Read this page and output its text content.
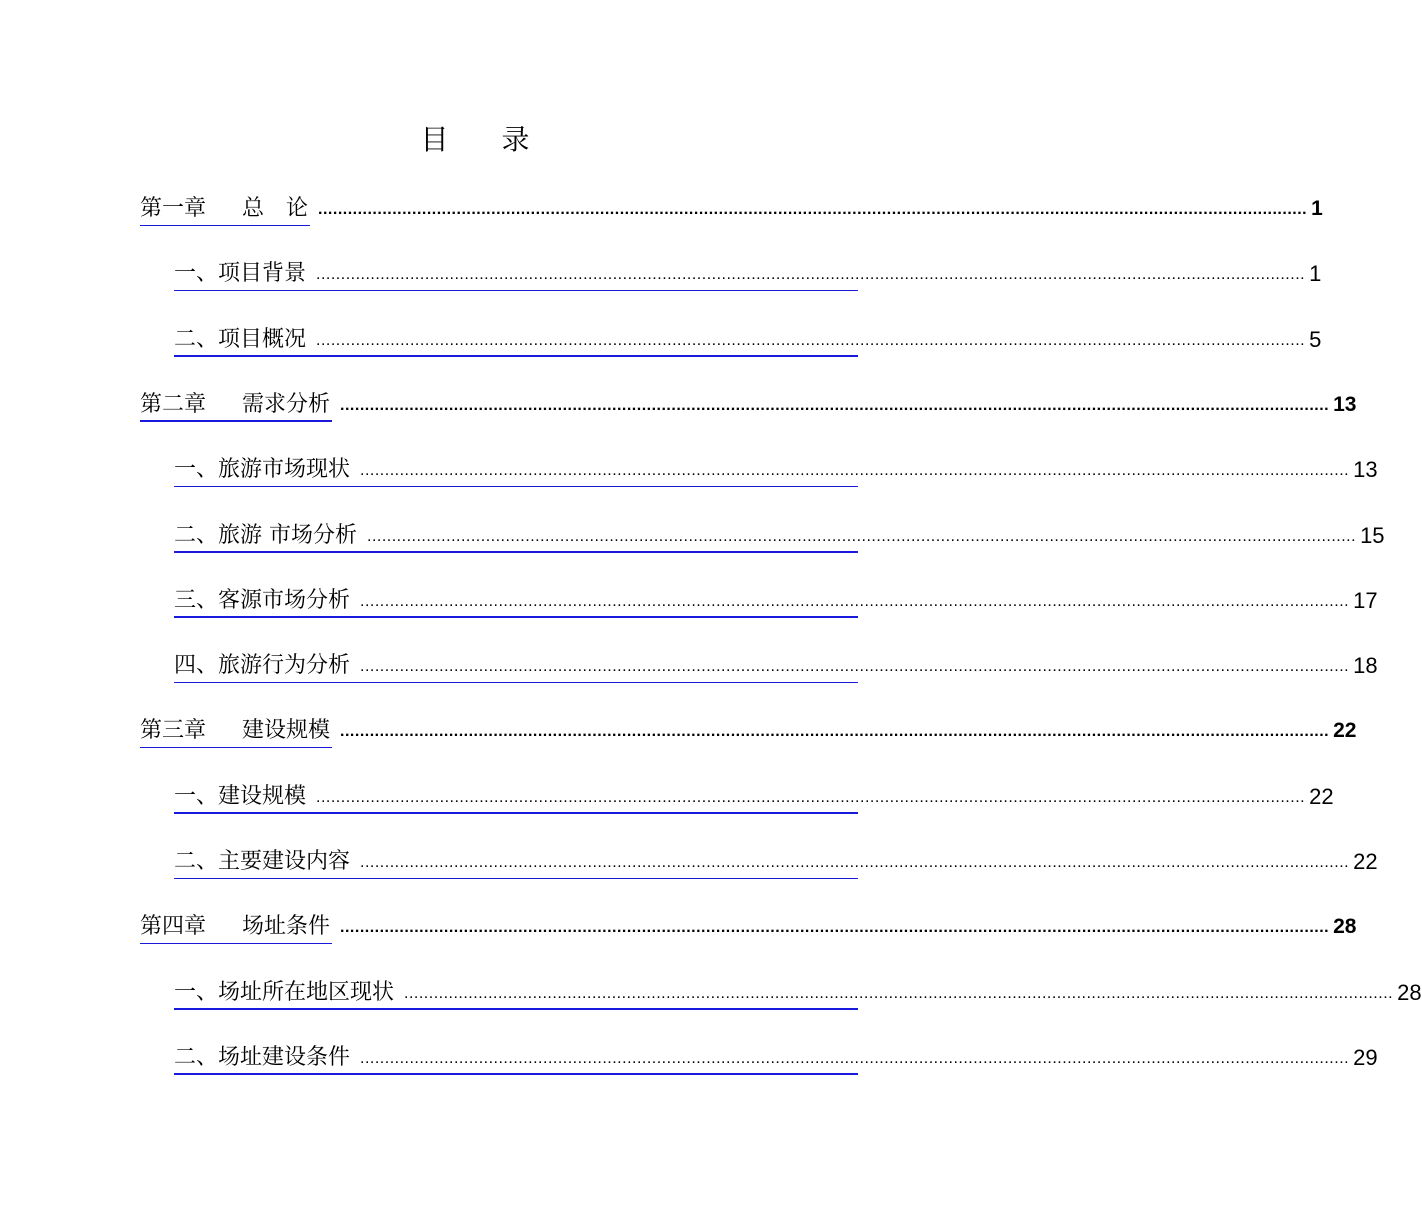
目 录
第一章 总　论 ........................................................................................................................................................................................................ 1
一、项目背景 ........................................................................................................................................................................................................ 1
二、项目概况 ........................................................................................................................................................................................................ 5
第二章 需求分析 ........................................................................................................................................................................................................ 13
一、旅游市场现状 ........................................................................................................................................................................................................ 13
二、旅游 市场分析 ........................................................................................................................................................................................................ 15
三、客源市场分析 ........................................................................................................................................................................................................ 17
四、旅游行为分析 ........................................................................................................................................................................................................ 18
第三章 建设规模 ........................................................................................................................................................................................................ 22
一、建设规模 ........................................................................................................................................................................................................ 22
二、主要建设内容 ........................................................................................................................................................................................................ 22
第四章 场址条件 ........................................................................................................................................................................................................ 28
一、场址所在地区现状 ........................................................................................................................................................................................................ 28
二、场址建设条件 ........................................................................................................................................................................................................ 29
